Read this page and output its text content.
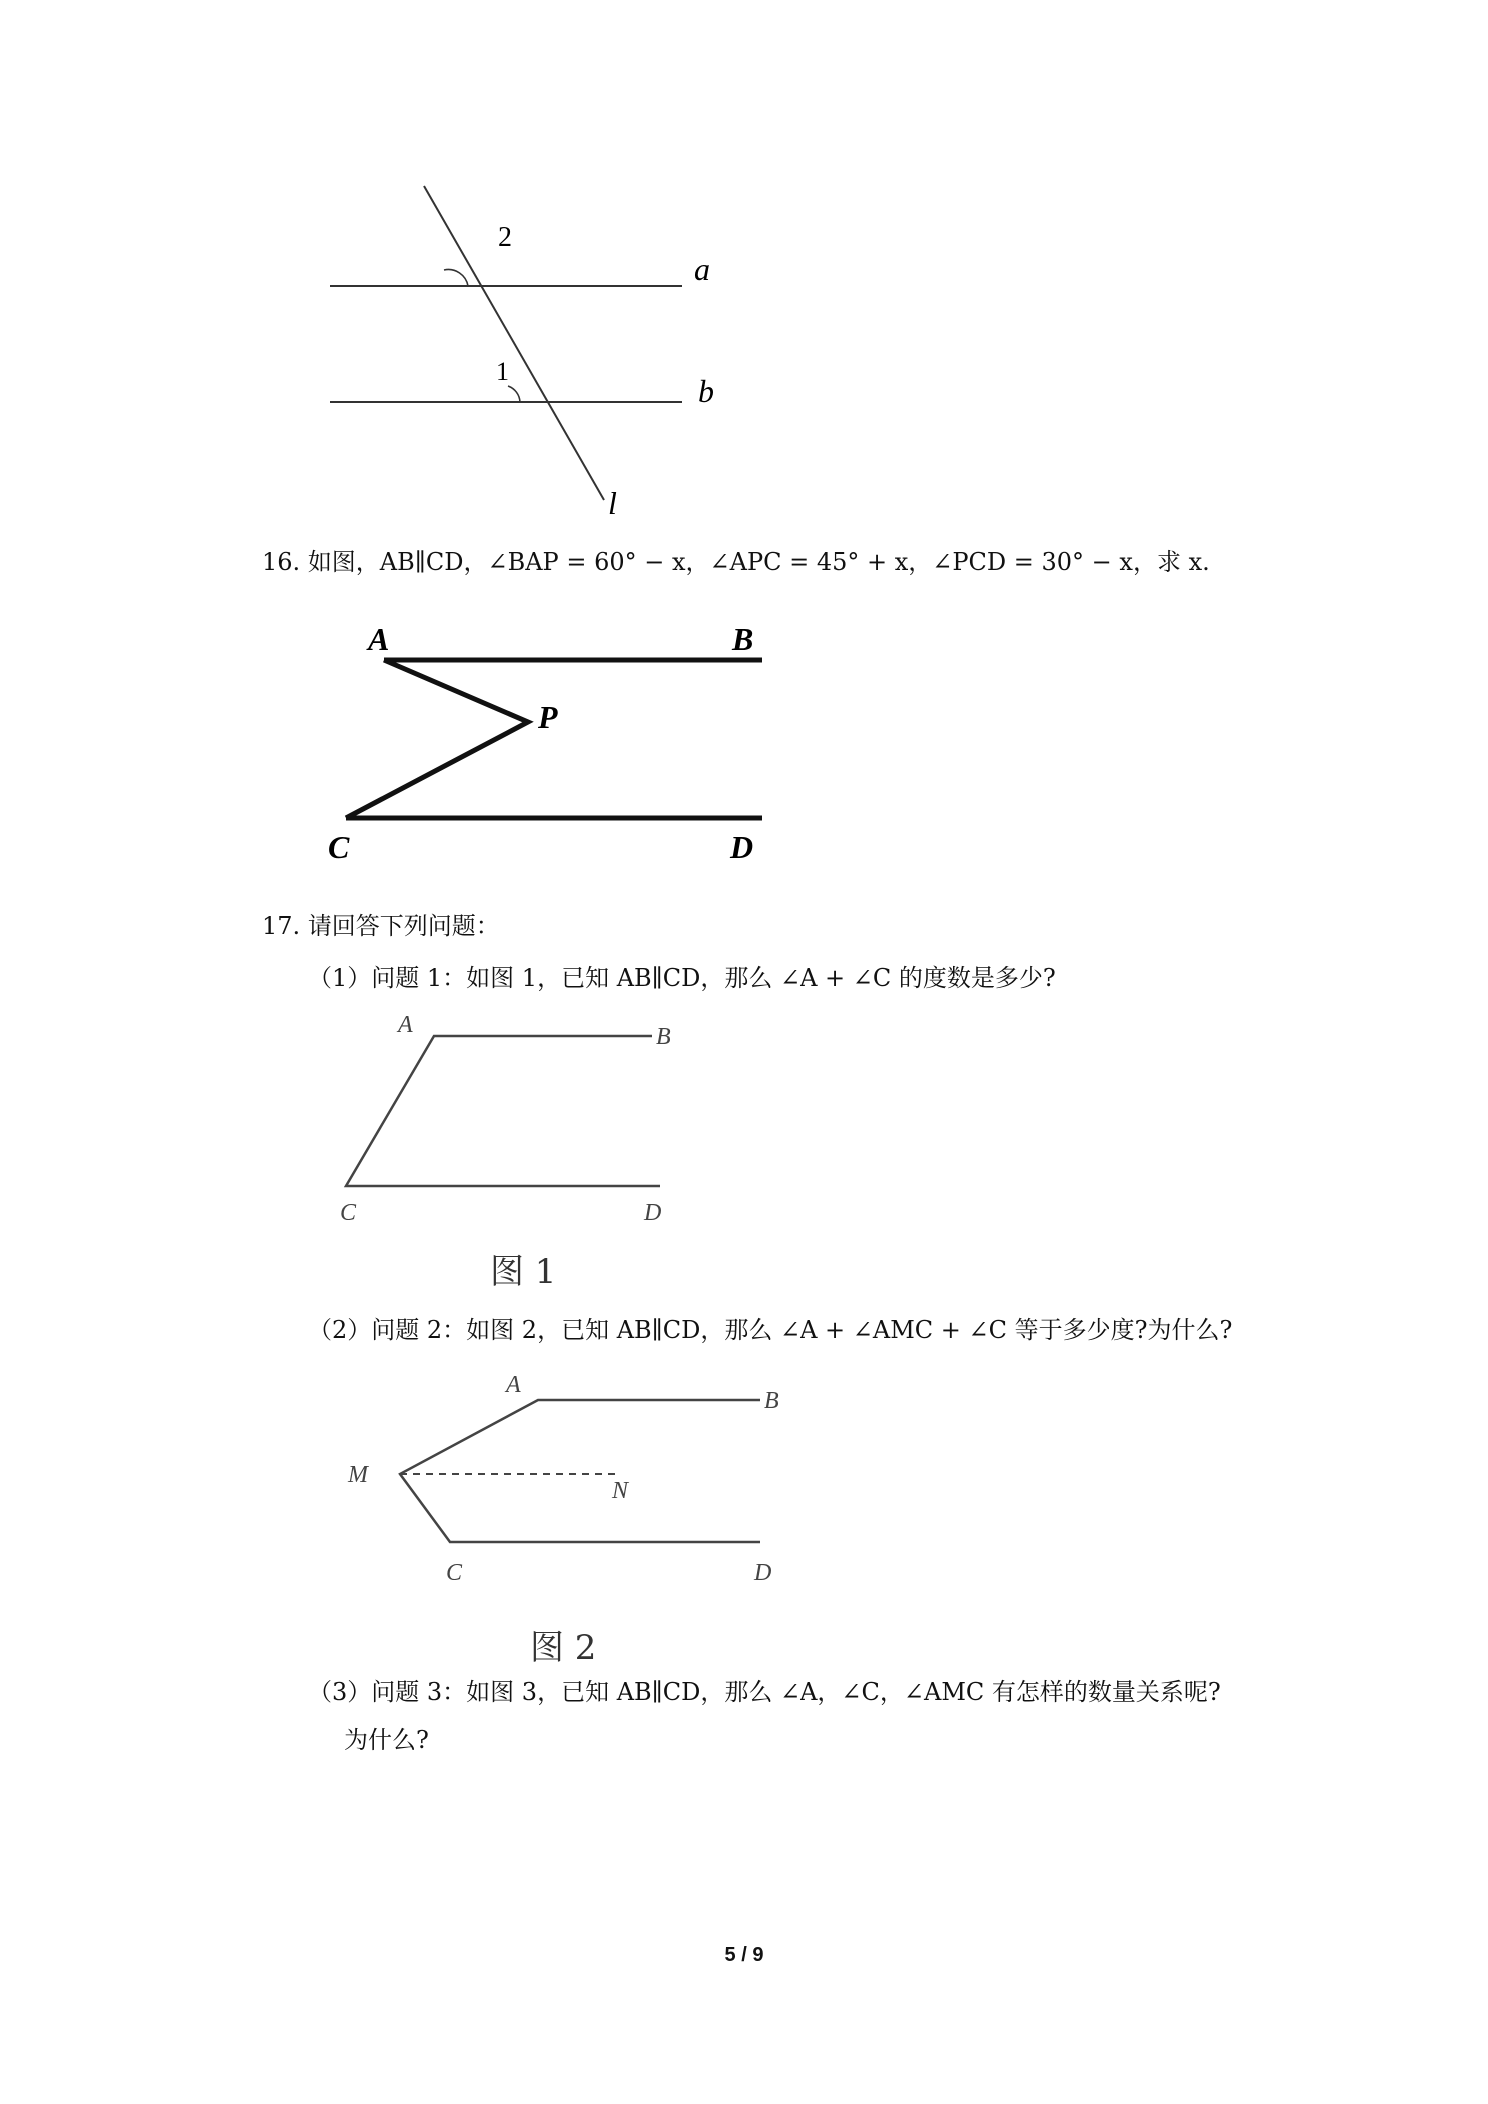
2
1
a
b
l
16. 如图，AB∥CD，∠BAP = 60° − x，∠APC = 45° + x，∠PCD = 30° − x，求 x.
A	B
P
C	D
17. 请回答下列问题：
（1）问题 1：如图 1，已知 AB∥CD，那么 ∠A + ∠C 的度数是多少?
A	B
C	D
图 1
（2）问题 2：如图 2，已知 AB∥CD，那么 ∠A + ∠AMC + ∠C 等于多少度?为什么?
A
B
M
N
C	D
图 2
（3）问题 3：如图 3，已知 AB∥CD，那么 ∠A，∠C，∠AMC 有怎样的数量关系呢?
为什么?
5 / 9
